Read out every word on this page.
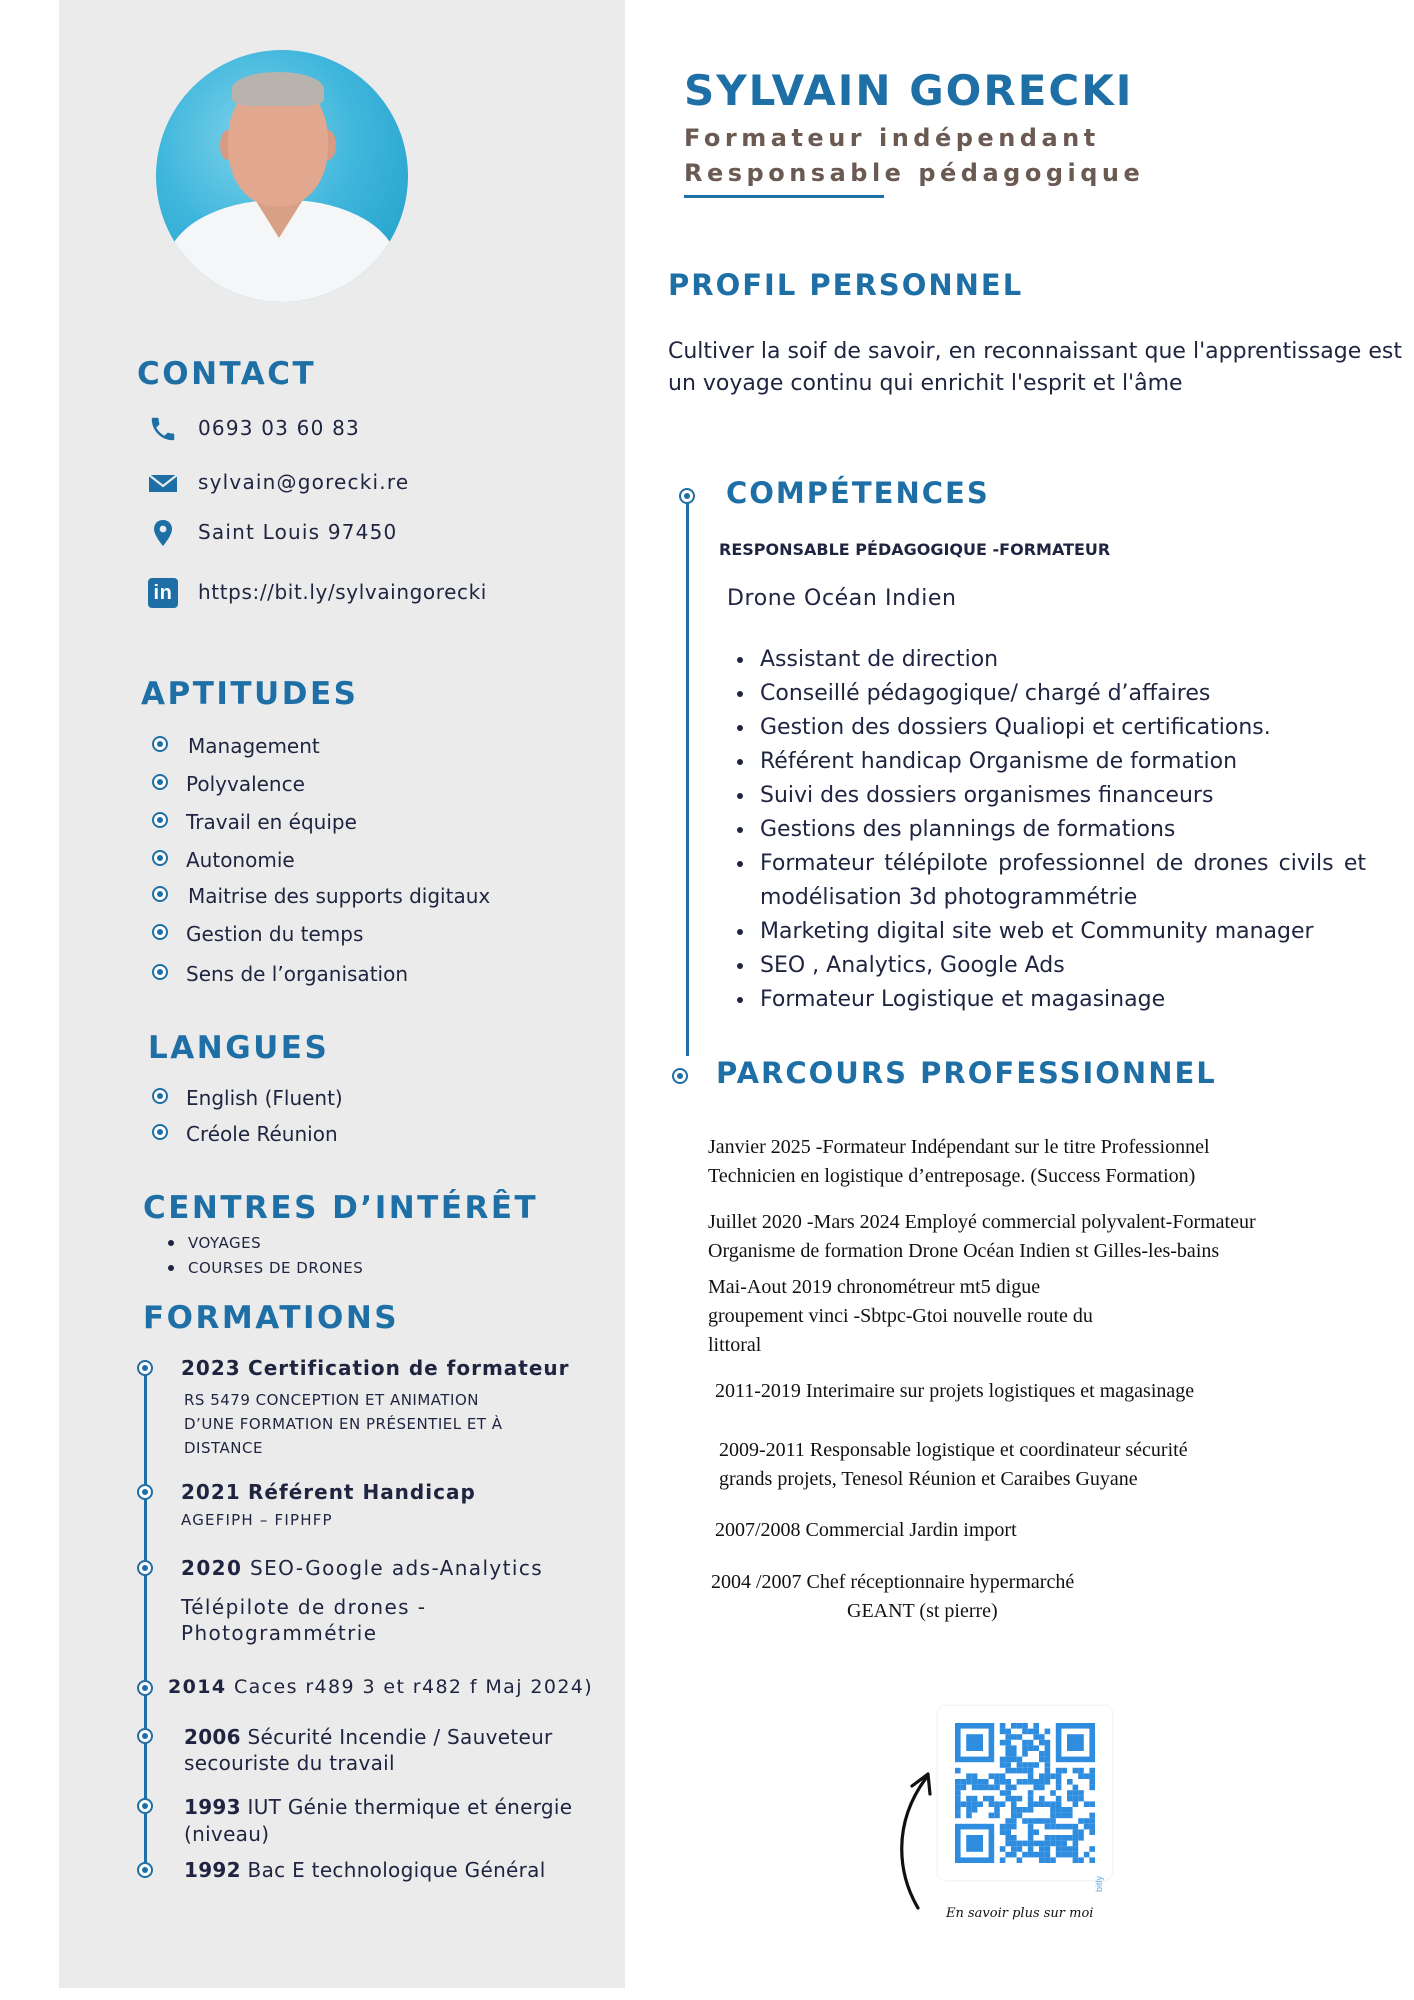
CONTACT
0693 03 60 83
sylvain@gorecki.re
Saint Louis 97450
in https://bit.ly/sylvaingorecki
APTITUDES
Management
Polyvalence
Travail en équipe
Autonomie
Maitrise des supports digitaux
Gestion du temps
Sens de l’organisation
LANGUES
English (Fluent)
Créole Réunion
CENTRES D’INTÉRÊT
VOYAGES
COURSES DE DRONES
FORMATIONS
2023 Certification de formateur
RS 5479 CONCEPTION ET ANIMATION D’UNE FORMATION EN PRÉSENTIEL ET À DISTANCE
2021 Référent Handicap
AGEFIPH – FIPHFP
2020 SEO-Google ads-Analytics
Télépilote de drones - Photogrammétrie
2014 Caces r489 3 et r482 f Maj 2024)
2006 Sécurité Incendie / Sauveteur secouriste du travail
1993 IUT Génie thermique et énergie (niveau)
1992 Bac E technologique Général
SYLVAIN GORECKI
Formateur indépendant
Responsable pédagogique
PROFIL PERSONNEL
Cultiver la soif de savoir, en reconnaissant que l'apprentissage est un voyage continu qui enrichit l'esprit et l'âme
COMPÉTENCES
RESPONSABLE PÉDAGOGIQUE -FORMATEUR
Drone Océan Indien
• Assistant de direction
• Conseillé pédagogique/ chargé d’affaires
• Gestion des dossiers Qualiopi et certifications.
• Référent handicap Organisme de formation
• Suivi des dossiers organismes financeurs
• Gestions des plannings de formations
• Formateur télépilote professionnel de drones civils et modélisation 3d photogrammétrie
• Marketing digital site web et Community manager
• SEO , Analytics, Google Ads
• Formateur Logistique et magasinage
PARCOURS PROFESSIONNEL
Janvier 2025 -Formateur Indépendant sur le titre Professionnel
Technicien en logistique d’entreposage. (Success Formation)
Juillet 2020 -Mars 2024 Employé commercial polyvalent-Formateur
Organisme de formation Drone Océan Indien st Gilles-les-bains
Mai-Aout 2019 chronométreur mt5 digue
groupement vinci -Sbtpc-Gtoi nouvelle route du
littoral
2011-2019 Interimaire sur projets logistiques et magasinage
2009-2011 Responsable logistique et coordinateur sécurité
grands projets, Tenesol Réunion et Caraibes Guyane
2007/2008 Commercial Jardin import
2004 /2007 Chef réceptionnaire hypermarché
GEANT (st pierre)
bitly
En savoir plus sur moi
